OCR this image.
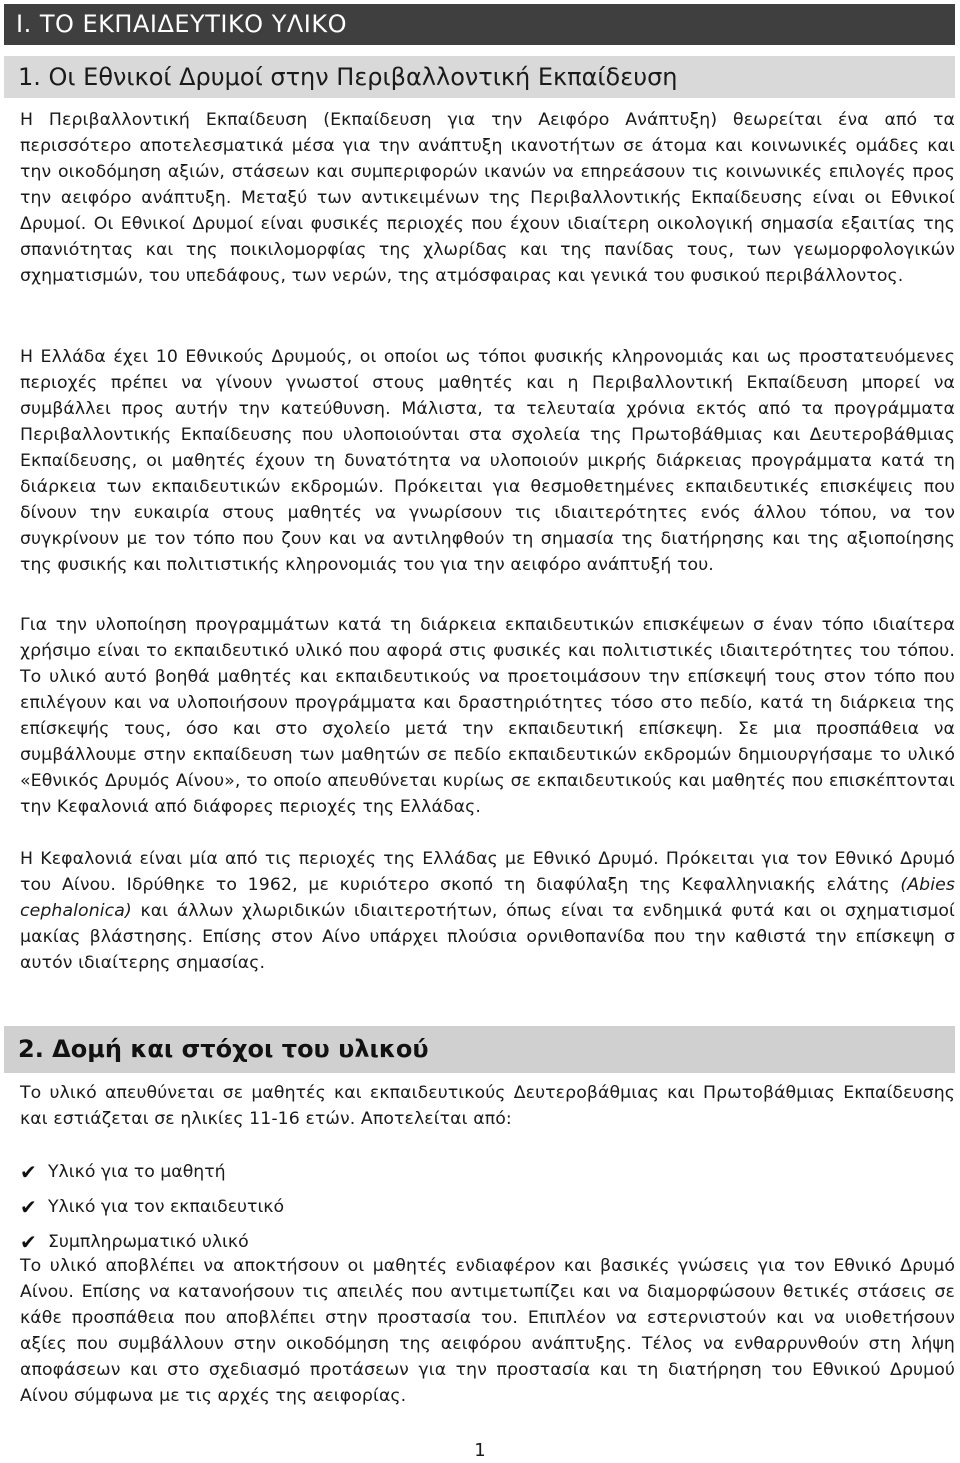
I. ΤΟ ΕΚΠΑΙΔΕΥΤΙΚΟ ΥΛΙΚΟ
1. Οι Εθνικοί Δρυμοί στην Περιβαλλοντική Εκπαίδευση

Η Περιβαλλοντική Εκπαίδευση (Εκπαίδευση για την Αειφόρο Ανάπτυξη) θεωρείται ένα από τα περισσότερο αποτελεσματικά μέσα για την ανάπτυξη ικανοτήτων σε άτομα και κοινωνικές ομάδες και την οικοδόμηση αξιών, στάσεων και συμπεριφορών ικανών να επηρεάσουν τις κοινωνικές επιλογές προς την αειφόρο ανάπτυξη. Μεταξύ των αντικειμένων της Περιβαλλοντικής Εκπαίδευσης είναι οι Εθνικοί Δρυμοί. Οι Εθνικοί Δρυμοί είναι φυσικές περιοχές που έχουν ιδιαίτερη οικολογική σημασία εξαιτίας της σπανιότητας και της ποικιλομορφίας της χλωρίδας και της πανίδας τους, των γεωμορφολογικών σχηματισμών, του υπεδάφους, των νερών, της ατμόσφαιρας και γενικά του φυσικού περιβάλλοντος.

Η Ελλάδα έχει 10 Εθνικούς Δρυμούς, οι οποίοι ως τόποι φυσικής κληρονομιάς και ως προστατευόμενες περιοχές πρέπει να γίνουν γνωστοί στους μαθητές και η Περιβαλλοντική Εκπαίδευση μπορεί να συμβάλλει προς αυτήν την κατεύθυνση. Μάλιστα, τα τελευταία χρόνια εκτός από τα προγράμματα Περιβαλλοντικής Εκπαίδευσης που υλοποιούνται στα σχολεία της Πρωτοβάθμιας και Δευτεροβάθμιας Εκπαίδευσης, οι μαθητές έχουν τη δυνατότητα να υλοποιούν μικρής διάρκειας προγράμματα κατά τη διάρκεια των εκπαιδευτικών εκδρομών. Πρόκειται για θεσμοθετημένες εκπαιδευτικές επισκέψεις που δίνουν την ευκαιρία στους μαθητές να γνωρίσουν τις ιδιαιτερότητες ενός άλλου τόπου, να τον συγκρίνουν με τον τόπο που ζουν και να αντιληφθούν τη σημασία της διατήρησης και της αξιοποίησης της φυσικής και πολιτιστικής κληρονομιάς του για την αειφόρο ανάπτυξή του.

Για την υλοποίηση προγραμμάτων κατά τη διάρκεια εκπαιδευτικών επισκέψεων σ έναν τόπο ιδιαίτερα χρήσιμο είναι το εκπαιδευτικό υλικό που αφορά στις φυσικές και πολιτιστικές ιδιαιτερότητες του τόπου. Το υλικό αυτό βοηθά μαθητές και εκπαιδευτικούς να προετοιμάσουν την επίσκεψή τους στον τόπο που επιλέγουν και να υλοποιήσουν προγράμματα και δραστηριότητες τόσο στο πεδίο, κατά τη διάρκεια της επίσκεψής τους, όσο και στο σχολείο μετά την εκπαιδευτική επίσκεψη. Σε μια προσπάθεια να συμβάλλουμε στην εκπαίδευση των μαθητών σε πεδίο εκπαιδευτικών εκδρομών δημιουργήσαμε το υλικό «Εθνικός Δρυμός Αίνου», το οποίο απευθύνεται κυρίως σε εκπαιδευτικούς και μαθητές που επισκέπτονται την Κεφαλονιά από διάφορες περιοχές της Ελλάδας.

Η Κεφαλονιά είναι μία από τις περιοχές της Ελλάδας με Εθνικό Δρυμό. Πρόκειται για τον Εθνικό Δρυμό του Αίνου. Ιδρύθηκε το 1962, με κυριότερο σκοπό τη διαφύλαξη της Κεφαλληνιακής ελάτης (Abies cephalonica) και άλλων χλωριδικών ιδιαιτεροτήτων, όπως είναι τα ενδημικά φυτά και οι σχηματισμοί μακίας βλάστησης. Επίσης στον Αίνο υπάρχει πλούσια ορνιθοπανίδα που την καθιστά την επίσκεψη σ αυτόν ιδιαίτερης σημασίας.

2. Δομή και στόχοι του υλικού

Το υλικό απευθύνεται σε μαθητές και εκπαιδευτικούς Δευτεροβάθμιας και Πρωτοβάθμιας Εκπαίδευσης και εστιάζεται σε ηλικίες 11-16 ετών. Αποτελείται από:

✔ Υλικό για το μαθητή
✔ Υλικό για τον εκπαιδευτικό
✔ Συμπληρωματικό υλικό

Το υλικό αποβλέπει να αποκτήσουν οι μαθητές ενδιαφέρον και βασικές γνώσεις για τον Εθνικό Δρυμό Αίνου. Επίσης να κατανοήσουν τις απειλές που αντιμετωπίζει και να διαμορφώσουν θετικές στάσεις σε κάθε προσπάθεια που αποβλέπει στην προστασία του. Επιπλέον να εστερνιστούν και να υιοθετήσουν αξίες που συμβάλλουν στην οικοδόμηση της αειφόρου ανάπτυξης. Τέλος να ενθαρρυνθούν στη λήψη αποφάσεων και στο σχεδιασμό προτάσεων για την προστασία και τη διατήρηση του Εθνικού Δρυμού Αίνου σύμφωνα με τις αρχές της αειφορίας.

1
